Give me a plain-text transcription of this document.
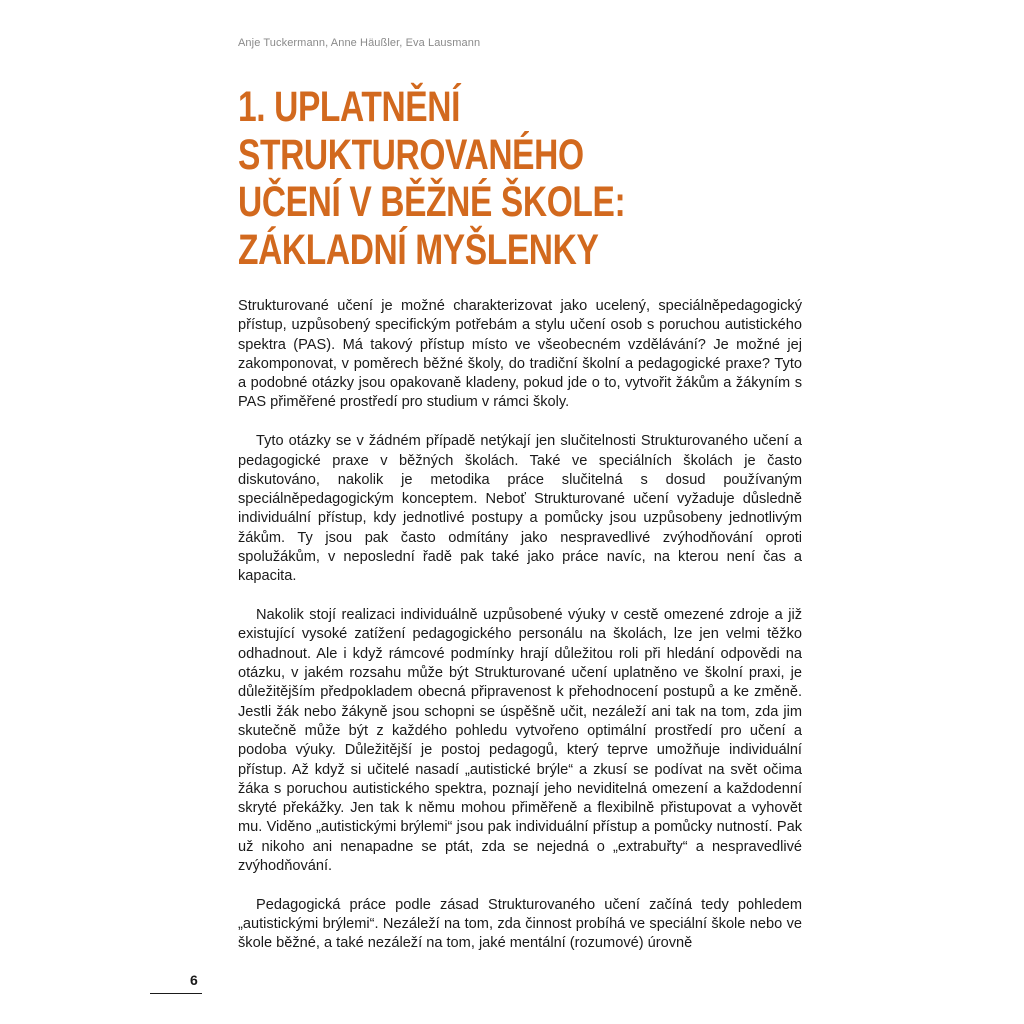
Anje Tuckermann, Anne Häußler, Eva Lausmann
1. UPLATNĚNÍ
STRUKTUROVANÉHO
UČENÍ V BĚŽNÉ ŠKOLE:
ZÁKLADNÍ MYŠLENKY

Strukturované učení je možné charakterizovat jako ucelený, speciálněpedagogický přístup, uzpůsobený specifickým potřebám a stylu učení osob s poruchou autistického spektra (PAS). Má takový přístup místo ve všeobecném vzdělávání? Je možné jej zakomponovat, v poměrech běžné školy, do tradiční školní a pedagogické praxe? Tyto a podobné otázky jsou opakovaně kladeny, pokud jde o to, vytvořit žákům a žákyním s PAS přiměřené prostředí pro studium v rámci školy.

Tyto otázky se v žádném případě netýkají jen slučitelnosti Strukturovaného učení a pedagogické praxe v běžných školách. Také ve speciálních školách je často diskutováno, nakolik je metodika práce slučitelná s dosud používaným speciálněpedagogickým konceptem. Neboť Strukturované učení vyžaduje důsledně individuální přístup, kdy jednotlivé postupy a pomůcky jsou uzpůsobeny jednotlivým žákům. Ty jsou pak často odmítány jako nespravedlivé zvýhodňování oproti spolužákům, v neposlední řadě pak také jako práce navíc, na kterou není čas a kapacita.

Nakolik stojí realizaci individuálně uzpůsobené výuky v cestě omezené zdroje a již existující vysoké zatížení pedagogického personálu na školách, lze jen velmi těžko odhadnout. Ale i když rámcové podmínky hrají důležitou roli při hledání odpovědi na otázku, v jakém rozsahu může být Strukturované učení uplatněno ve školní praxi, je důležitějším předpokladem obecná připravenost k přehodnocení postupů a ke změně. Jestli žák nebo žákyně jsou schopni se úspěšně učit, nezáleží ani tak na tom, zda jim skutečně může být z každého pohledu vytvořeno optimální prostředí pro učení a podoba výuky. Důležitější je postoj pedagogů, který teprve umožňuje individuální přístup. Až když si učitelé nasadí „autistické brýle“ a zkusí se podívat na svět očima žáka s poruchou autistického spektra, poznají jeho neviditelná omezení a každodenní skryté překážky. Jen tak k němu mohou přiměřeně a flexibilně přistupovat a vyhovět mu. Viděno „autistickými brýlemi“ jsou pak individuální přístup a pomůcky nutností. Pak už nikoho ani nenapadne se ptát, zda se nejedná o „extrabuřty“ a nespravedlivé zvýhodňování.

Pedagogická práce podle zásad Strukturovaného učení začíná tedy pohledem „autistickými brýlemi“. Nezáleží na tom, zda činnost probíhá ve speciální škole nebo ve škole běžné, a také nezáleží na tom, jaké mentální (rozumové) úrovně

6
